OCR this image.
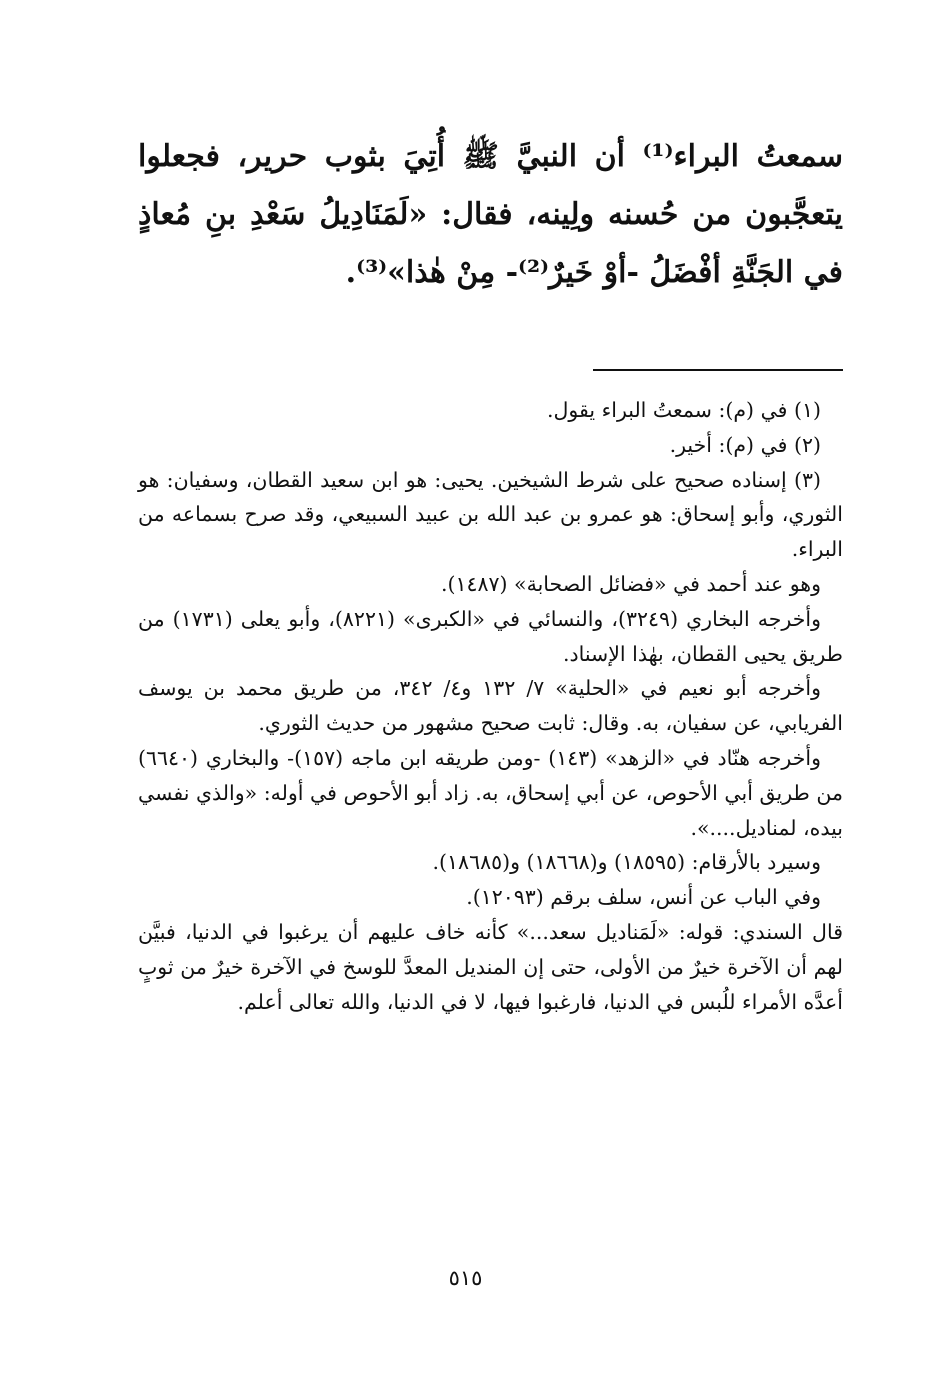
سمعتُ البراء⁽¹⁾ أن النبيَّ ﷺ أُتِيَ بثوب حرير، فجعلوا يتعجَّبون من حُسنه ولِينه، فقال: «لَمَنَادِيلُ سَعْدِ بنِ مُعاذٍ في الجَنَّةِ أفْضَلُ -أوْ خَيرٌ⁽²⁾- مِنْ هٰذا»⁽³⁾.

(١) في (م): سمعتُ البراء يقول.

(٢) في (م): أخير.

(٣) إسناده صحيح على شرط الشيخين. يحيى: هو ابن سعيد القطان، وسفيان: هو الثوري، وأبو إسحاق: هو عمرو بن عبد الله بن عبيد السبيعي، وقد صرح بسماعه من البراء.

وهو عند أحمد في «فضائل الصحابة» (١٤٨٧).

وأخرجه البخاري (٣٢٤٩)، والنسائي في «الكبرى» (٨٢٢١)، وأبو يعلى (١٧٣١) من طريق يحيى القطان، بهٰذا الإسناد.

وأخرجه أبو نعيم في «الحلية» ٧/ ١٣٢ و٤/ ٣٤٢، من طريق محمد بن يوسف الفريابي، عن سفيان، به. وقال: ثابت صحيح مشهور من حديث الثوري.

وأخرجه هنّاد في «الزهد» (١٤٣) -ومن طريقه ابن ماجه (١٥٧)- والبخاري (٦٦٤٠) من طريق أبي الأحوص، عن أبي إسحاق، به. زاد أبو الأحوص في أوله: «والذي نفسي بيده، لمناديل....».

وسيرد بالأرقام: (١٨٥٩٥) و(١٨٦٦٨) و(١٨٦٨٥).

وفي الباب عن أنس، سلف برقم (١٢٠٩٣).

قال السندي: قوله: «لَمَناديل سعد...» كأنه خاف عليهم أن يرغبوا في الدنيا، فبيَّن لهم أن الآخرة خيرٌ من الأولى، حتى إن المنديل المعدَّ للوسخ في الآخرة خيرٌ من ثوبٍ أعدَّه الأمراء للُبس في الدنيا، فارغبوا فيها، لا في الدنيا، والله تعالى أعلم.

٥١٥
